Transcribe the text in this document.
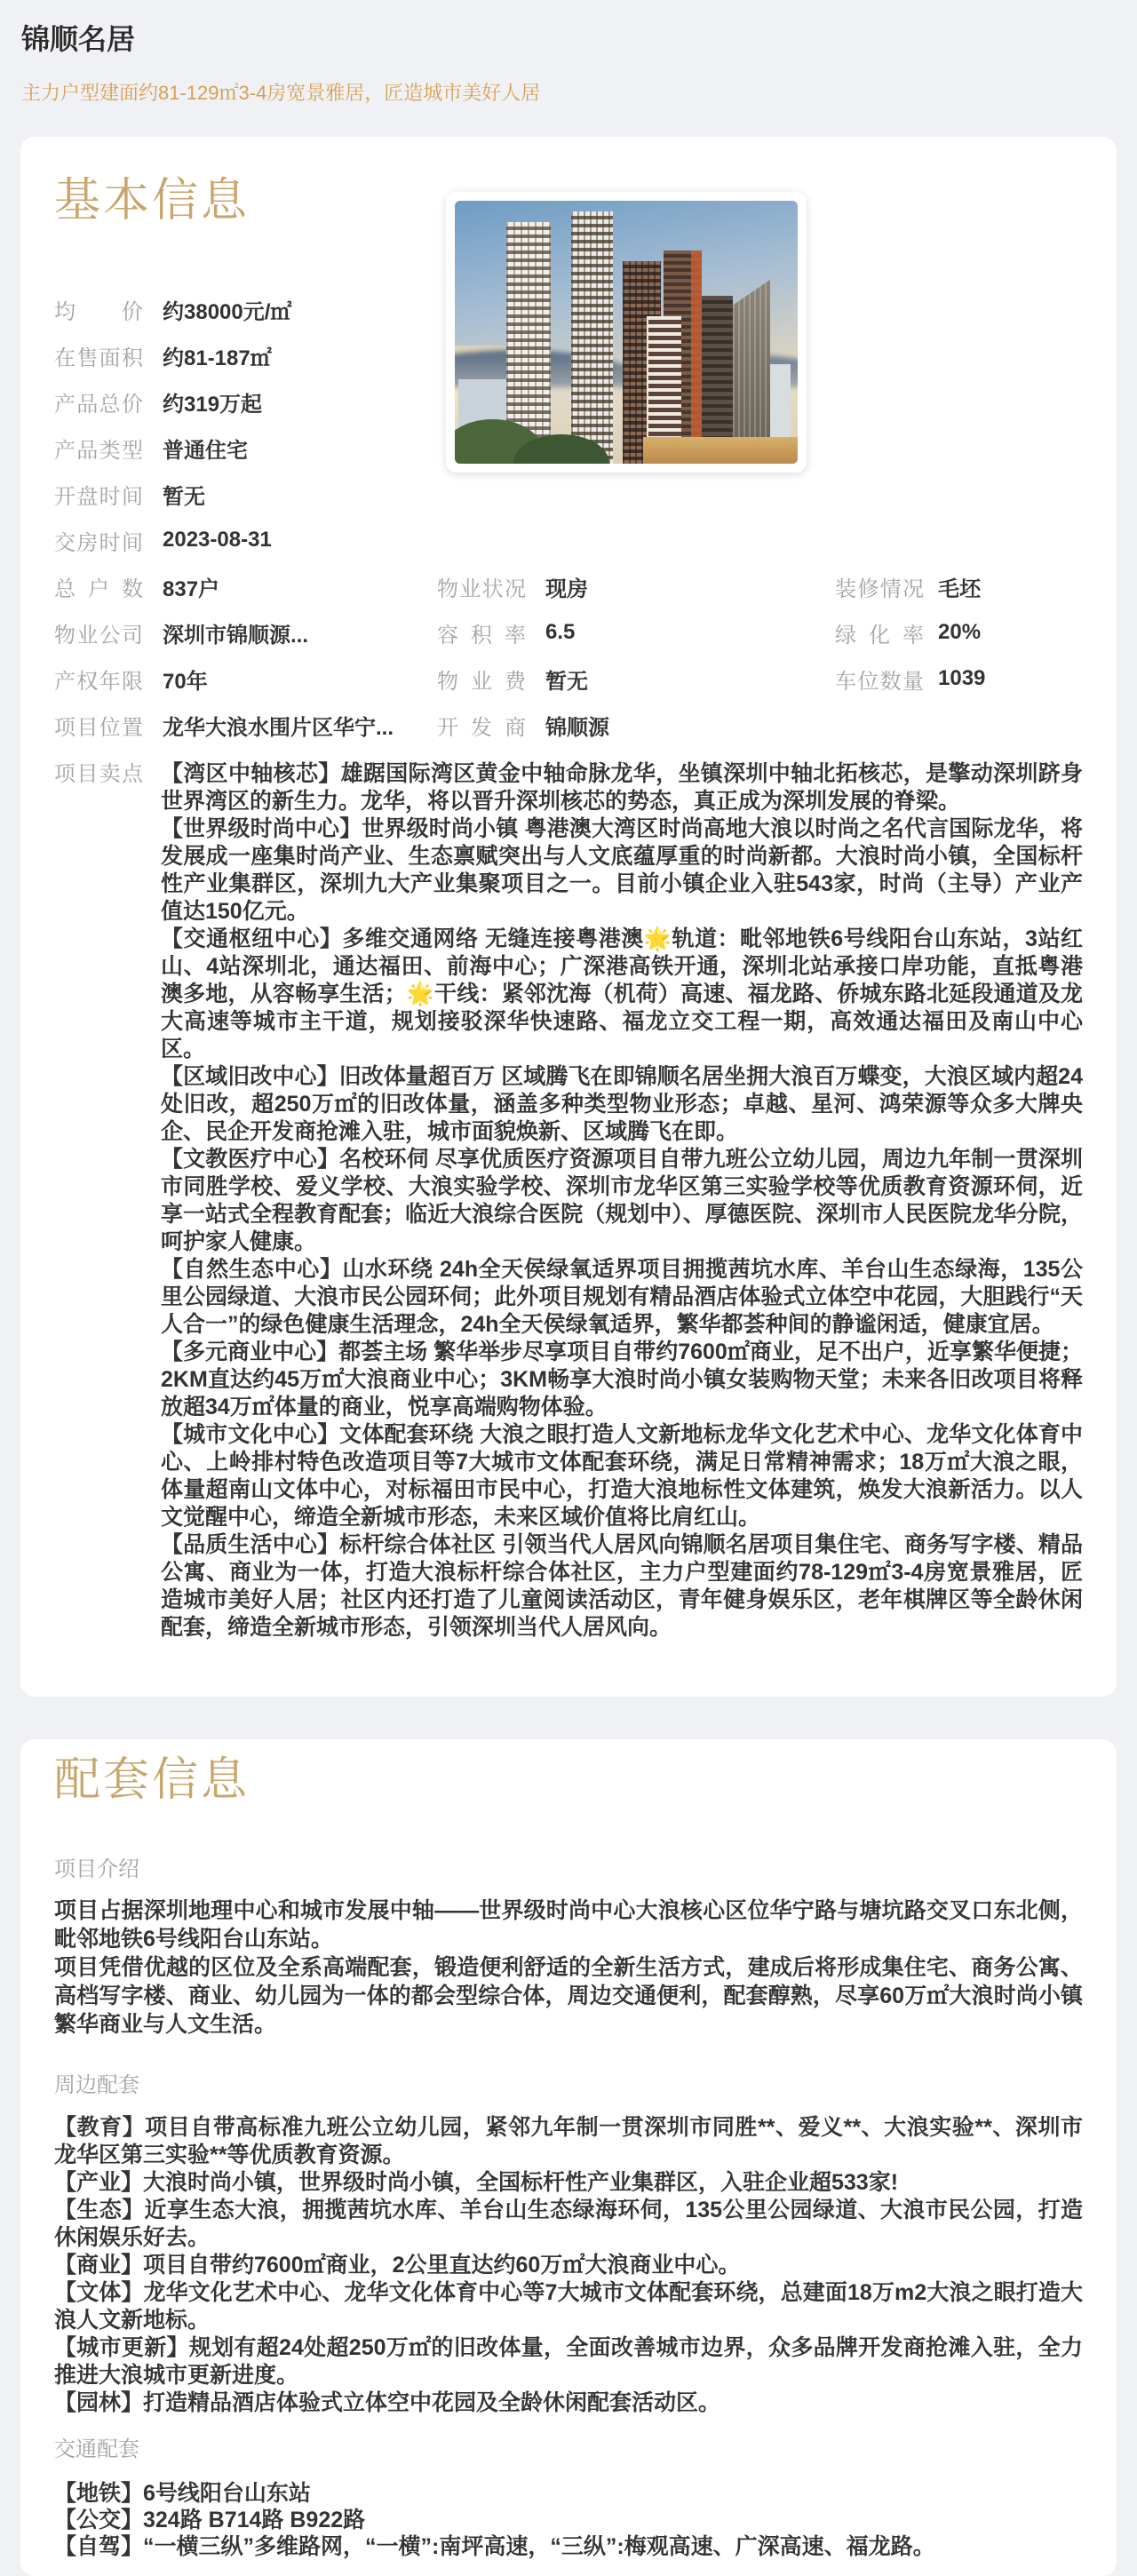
锦顺名居
主力户型建面约81-129㎡3-4房宽景雅居，匠造城市美好人居
基本信息
均价 约38000元/㎡
在售面积 约81-187㎡
产品总价 约319万起
产品类型 普通住宅
开盘时间 暂无
交房时间 2023-08-31
总户数 837户
物业公司 深圳市锦顺源...
产权年限 70年
项目位置 龙华大浪水围片区华宁...
物业状况 现房
容积率 6.5
物业费 暂无
开发商 锦顺源
装修情况 毛坯
绿化率 20%
车位数量 1039
项目卖点 【湾区中轴核芯】雄踞国际湾区黄金中轴命脉龙华，坐镇深圳中轴北拓核芯，是擎动深圳跻身世界湾区的新生力。龙华，将以晋升深圳核芯的势态，真正成为深圳发展的脊梁。

【世界级时尚中心】世界级时尚小镇 粤港澳大湾区时尚高地大浪以时尚之名代言国际龙华，将发展成一座集时尚产业、生态禀赋突出与人文底蕴厚重的时尚新都。大浪时尚小镇，全国标杆性产业集群区，深圳九大产业集聚项目之一。目前小镇企业入驻543家，时尚（主导）产业产值达150亿元。

【交通枢纽中心】多维交通网络 无缝连接粤港澳🌟轨道：毗邻地铁6号线阳台山东站，3站红山、4站深圳北，通达福田、前海中心；广深港高铁开通，深圳北站承接口岸功能，直抵粤港澳多地，从容畅享生活；🌟干线：紧邻沈海（机荷）高速、福龙路、侨城东路北延段通道及龙大高速等城市主干道，规划接驳深华快速路、福龙立交工程一期，高效通达福田及南山中心区。

【区域旧改中心】旧改体量超百万 区域腾飞在即锦顺名居坐拥大浪百万蝶变，大浪区域内超24处旧改，超250万㎡的旧改体量，涵盖多种类型物业形态；卓越、星河、鸿荣源等众多大牌央企、民企开发商抢滩入驻，城市面貌焕新、区域腾飞在即。

【文教医疗中心】名校环伺 尽享优质医疗资源项目自带九班公立幼儿园，周边九年制一贯深圳市同胜学校、爱义学校、大浪实验学校、深圳市龙华区第三实验学校等优质教育资源环伺，近享一站式全程教育配套；临近大浪综合医院（规划中）、厚德医院、深圳市人民医院龙华分院，呵护家人健康。

【自然生态中心】山水环绕 24h全天侯绿氧适界项目拥揽茜坑水库、羊台山生态绿海，135公里公园绿道、大浪市民公园环伺；此外项目规划有精品酒店体验式立体空中花园，大胆践行“天人合一”的绿色健康生活理念，24h全天侯绿氧适界，繁华都荟种间的静谧闲适，健康宜居。

【多元商业中心】都荟主场 繁华举步尽享项目自带约7600㎡商业，足不出户，近享繁华便捷；2KM直达约45万㎡大浪商业中心；3KM畅享大浪时尚小镇女装购物天堂；未来各旧改项目将释放超34万㎡体量的商业，悦享高端购物体验。

【城市文化中心】文体配套环绕 大浪之眼打造人文新地标龙华文化艺术中心、龙华文化体育中心、上岭排村特色改造项目等7大城市文体配套环绕，满足日常精神需求；18万㎡大浪之眼，体量超南山文体中心，对标福田市民中心，打造大浪地标性文体建筑，焕发大浪新活力。以人文觉醒中心，缔造全新城市形态，未来区域价值将比肩红山。

【品质生活中心】标杆综合体社区 引领当代人居风向锦顺名居项目集住宅、商务写字楼、精品公寓、商业为一体，打造大浪标杆综合体社区，主力户型建面约78-129㎡3-4房宽景雅居，匠造城市美好人居；社区内还打造了儿童阅读活动区，青年健身娱乐区，老年棋牌区等全龄休闲配套，缔造全新城市形态，引领深圳当代人居风向。

配套信息
项目介绍

项目占据深圳地理中心和城市发展中轴——世界级时尚中心大浪核心区位华宁路与塘坑路交叉口东北侧，毗邻地铁6号线阳台山东站。

项目凭借优越的区位及全系高端配套，锻造便利舒适的全新生活方式，建成后将形成集住宅、商务公寓、高档写字楼、商业、幼儿园为一体的都会型综合体，周边交通便利，配套醇熟，尽享60万㎡大浪时尚小镇繁华商业与人文生活。

周边配套

【教育】项目自带高标准九班公立幼儿园，紧邻九年制一贯深圳市同胜**、爱义**、大浪实验**、深圳市龙华区第三实验**等优质教育资源。

【产业】大浪时尚小镇，世界级时尚小镇，全国标杆性产业集群区，入驻企业超533家!

【生态】近享生态大浪，拥揽茜坑水库、羊台山生态绿海环伺，135公里公园绿道、大浪市民公园，打造休闲娱乐好去。

【商业】项目自带约7600㎡商业，2公里直达约60万㎡大浪商业中心。

【文体】龙华文化艺术中心、龙华文化体育中心等7大城市文体配套环绕，总建面18万m2大浪之眼打造大浪人文新地标。

【城市更新】规划有超24处超250万㎡的旧改体量，全面改善城市边界，众多品牌开发商抢滩入驻，全力推进大浪城市更新进度。

【园林】打造精品酒店体验式立体空中花园及全龄休闲配套活动区。

交通配套

【地铁】6号线阳台山东站

【公交】324路 B714路 B922路

【自驾】“一横三纵”多维路网，“一横”:南坪高速，“三纵”:梅观高速、广深高速、福龙路。
